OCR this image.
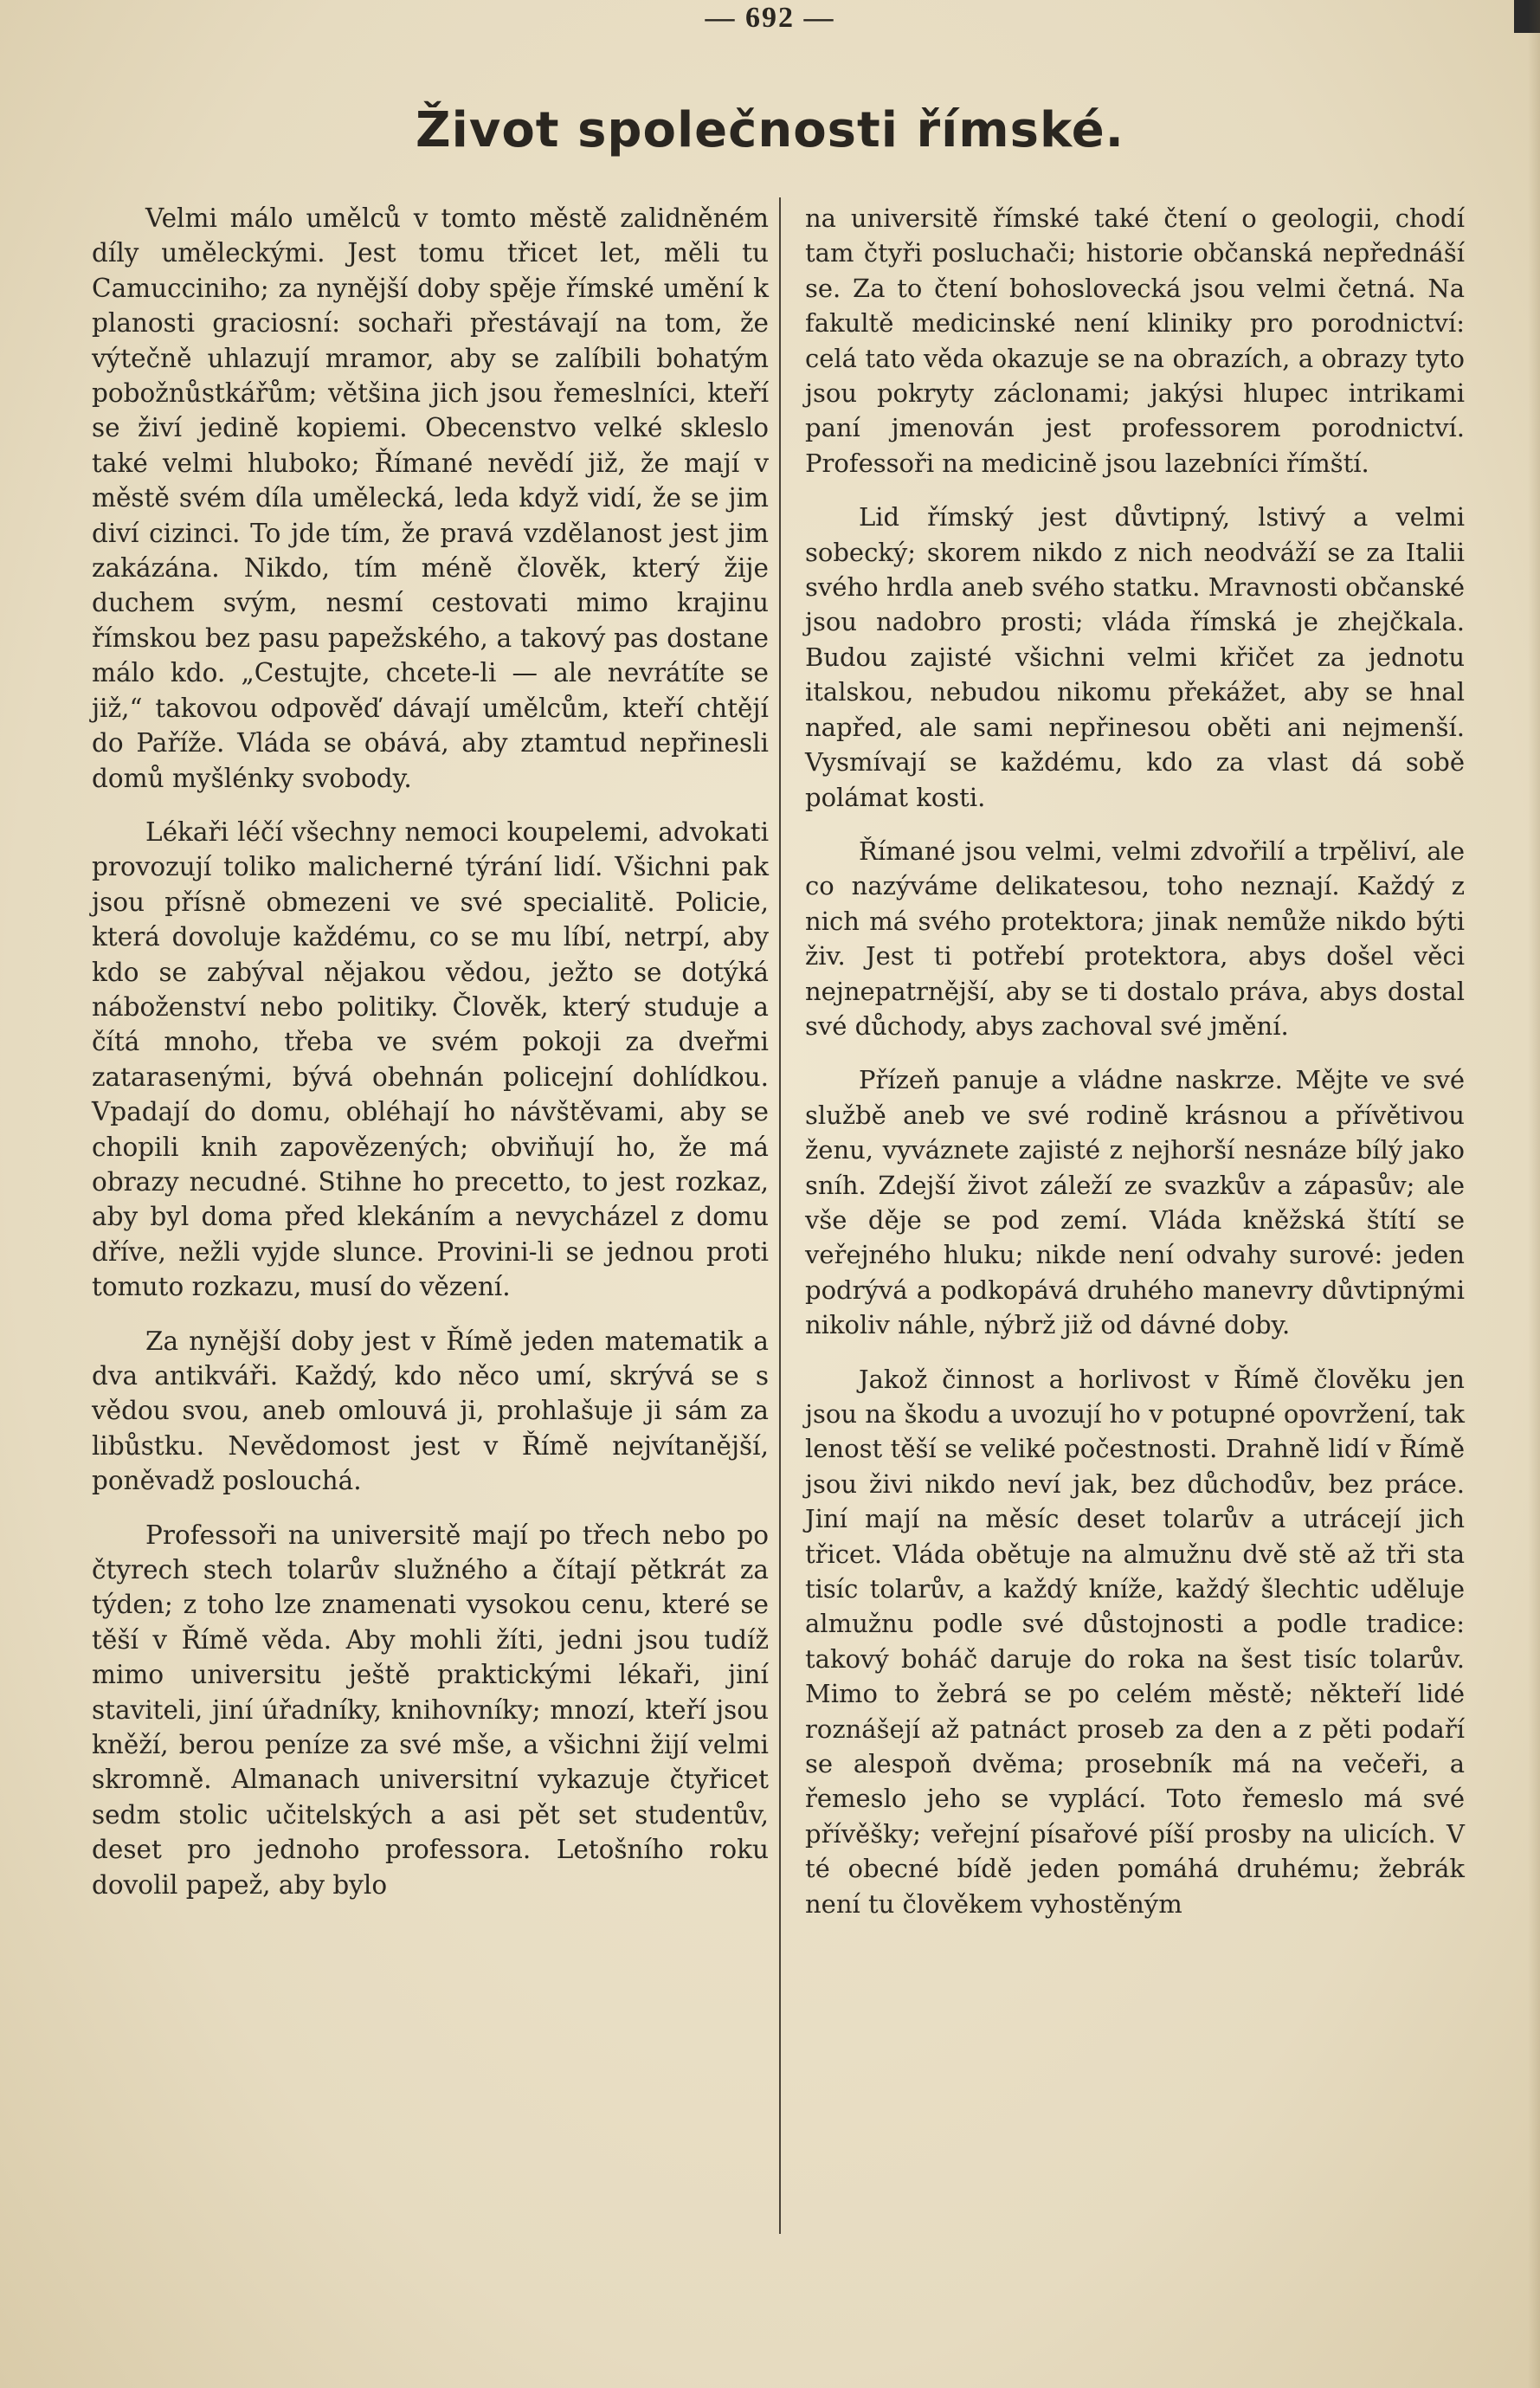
— 692 —
Život společnosti římské.

Velmi málo umělců v tomto městě zalidněném díly uměleckými. Jest tomu třicet let, měli tu Camucciniho; za nynější doby spěje římské umění k planosti graciosní: sochaři přestávají na tom, že výtečně uhlazují mramor, aby se zalíbili bohatým pobožnůstkářům; většina jich jsou řemeslníci, kteří se živí jedině kopiemi. Obecenstvo velké skleslo také velmi hluboko; Římané nevědí již, že mají v městě svém díla umělecká, leda když vidí, že se jim diví cizinci. To jde tím, že pravá vzdělanost jest jim zakázána. Nikdo, tím méně člověk, který žije duchem svým, nesmí cestovati mimo krajinu římskou bez pasu papežského, a takový pas dostane málo kdo. „Cestujte, chcete-li — ale nevrátíte se již,“ takovou odpověď dávají umělcům, kteří chtějí do Paříže. Vláda se obává, aby ztamtud nepřinesli domů myšlénky svobody.

Lékaři léčí všechny nemoci koupelemi, advokati provozují toliko malicherné týrání lidí. Všichni pak jsou přísně obmezeni ve své specialitě. Policie, která dovoluje každému, co se mu líbí, netrpí, aby kdo se zabýval nějakou vědou, ježto se dotýká náboženství nebo politiky. Člověk, který studuje a čítá mnoho, třeba ve svém pokoji za dveřmi zatarasenými, bývá obehnán policejní dohlídkou. Vpadají do domu, obléhají ho návštěvami, aby se chopili knih zapovězených; obviňují ho, že má obrazy necudné. Stihne ho precetto, to jest rozkaz, aby byl doma před klekáním a nevycházel z domu dříve, nežli vyjde slunce. Provini-li se jednou proti tomuto rozkazu, musí do vězení.

Za nynější doby jest v Římě jeden matematik a dva antikváři. Každý, kdo něco umí, skrývá se s vědou svou, aneb omlouvá ji, prohlašuje ji sám za libůstku. Nevědomost jest v Římě nejvítanější, poněvadž poslouchá.

Professoři na universitě mají po třech nebo po čtyrech stech tolarův služného a čítají pětkrát za týden; z toho lze znamenati vysokou cenu, které se těší v Římě věda. Aby mohli žíti, jedni jsou tudíž mimo universitu ještě praktickými lékaři, jiní staviteli, jiní úřadníky, knihovníky; mnozí, kteří jsou kněží, berou peníze za své mše, a všichni žijí velmi skromně. Almanach universitní vykazuje čtyřicet sedm stolic učitelských a asi pět set studentův, deset pro jednoho professora. Letošního roku dovolil papež, aby bylo

na universitě římské také čtení o geologii, chodí tam čtyři posluchači; historie občanská nepřednáší se. Za to čtení bohoslovecká jsou velmi četná. Na fakultě medicinské není kliniky pro porodnictví: celá tato věda okazuje se na obrazích, a obrazy tyto jsou pokryty záclonami; jakýsi hlupec intrikami paní jmenován jest professorem porodnictví. Professoři na medicině jsou lazebníci římští.

Lid římský jest důvtipný, lstivý a velmi sobecký; skorem nikdo z nich neodváží se za Italii svého hrdla aneb svého statku. Mravnosti občanské jsou nadobro prosti; vláda římská je zhejčkala. Budou zajisté všichni velmi křičet za jednotu italskou, nebudou nikomu překážet, aby se hnal napřed, ale sami nepřinesou oběti ani nejmenší. Vysmívají se každému, kdo za vlast dá sobě polámat kosti.

Římané jsou velmi, velmi zdvořilí a trpěliví, ale co nazýváme delikatesou, toho neznají. Každý z nich má svého protektora; jinak nemůže nikdo býti živ. Jest ti potřebí protektora, abys došel věci nejnepatrnější, aby se ti dostalo práva, abys dostal své důchody, abys zachoval své jmění.

Přízeň panuje a vládne naskrze. Mějte ve své službě aneb ve své rodině krásnou a přívětivou ženu, vyváznete zajisté z nejhorší nesnáze bílý jako sníh. Zdejší život záleží ze svazkův a zápasův; ale vše děje se pod zemí. Vláda kněžská štítí se veřejného hluku; nikde není odvahy surové: jeden podrývá a podkopává druhého manevry důvtipnými nikoliv náhle, nýbrž již od dávné doby.

Jakož činnost a horlivost v Římě člověku jen jsou na škodu a uvozují ho v potupné opovržení, tak lenost těší se veliké počestnosti. Drahně lidí v Římě jsou živi nikdo neví jak, bez důchodův, bez práce. Jiní mají na měsíc deset tolarův a utrácejí jich třicet. Vláda obětuje na almužnu dvě stě až tři sta tisíc tolarův, a každý kníže, každý šlechtic uděluje almužnu podle své důstojnosti a podle tradice: takový boháč daruje do roka na šest tisíc tolarův. Mimo to žebrá se po celém městě; někteří lidé roznášejí až patnáct proseb za den a z pěti podaří se alespoň dvěma; prosebník má na večeři, a řemeslo jeho se vyplácí. Toto řemeslo má své přívěšky; veřejní písařové píší prosby na ulicích. V té obecné bídě jeden pomáhá druhému; žebrák není tu člověkem vyhostěným
